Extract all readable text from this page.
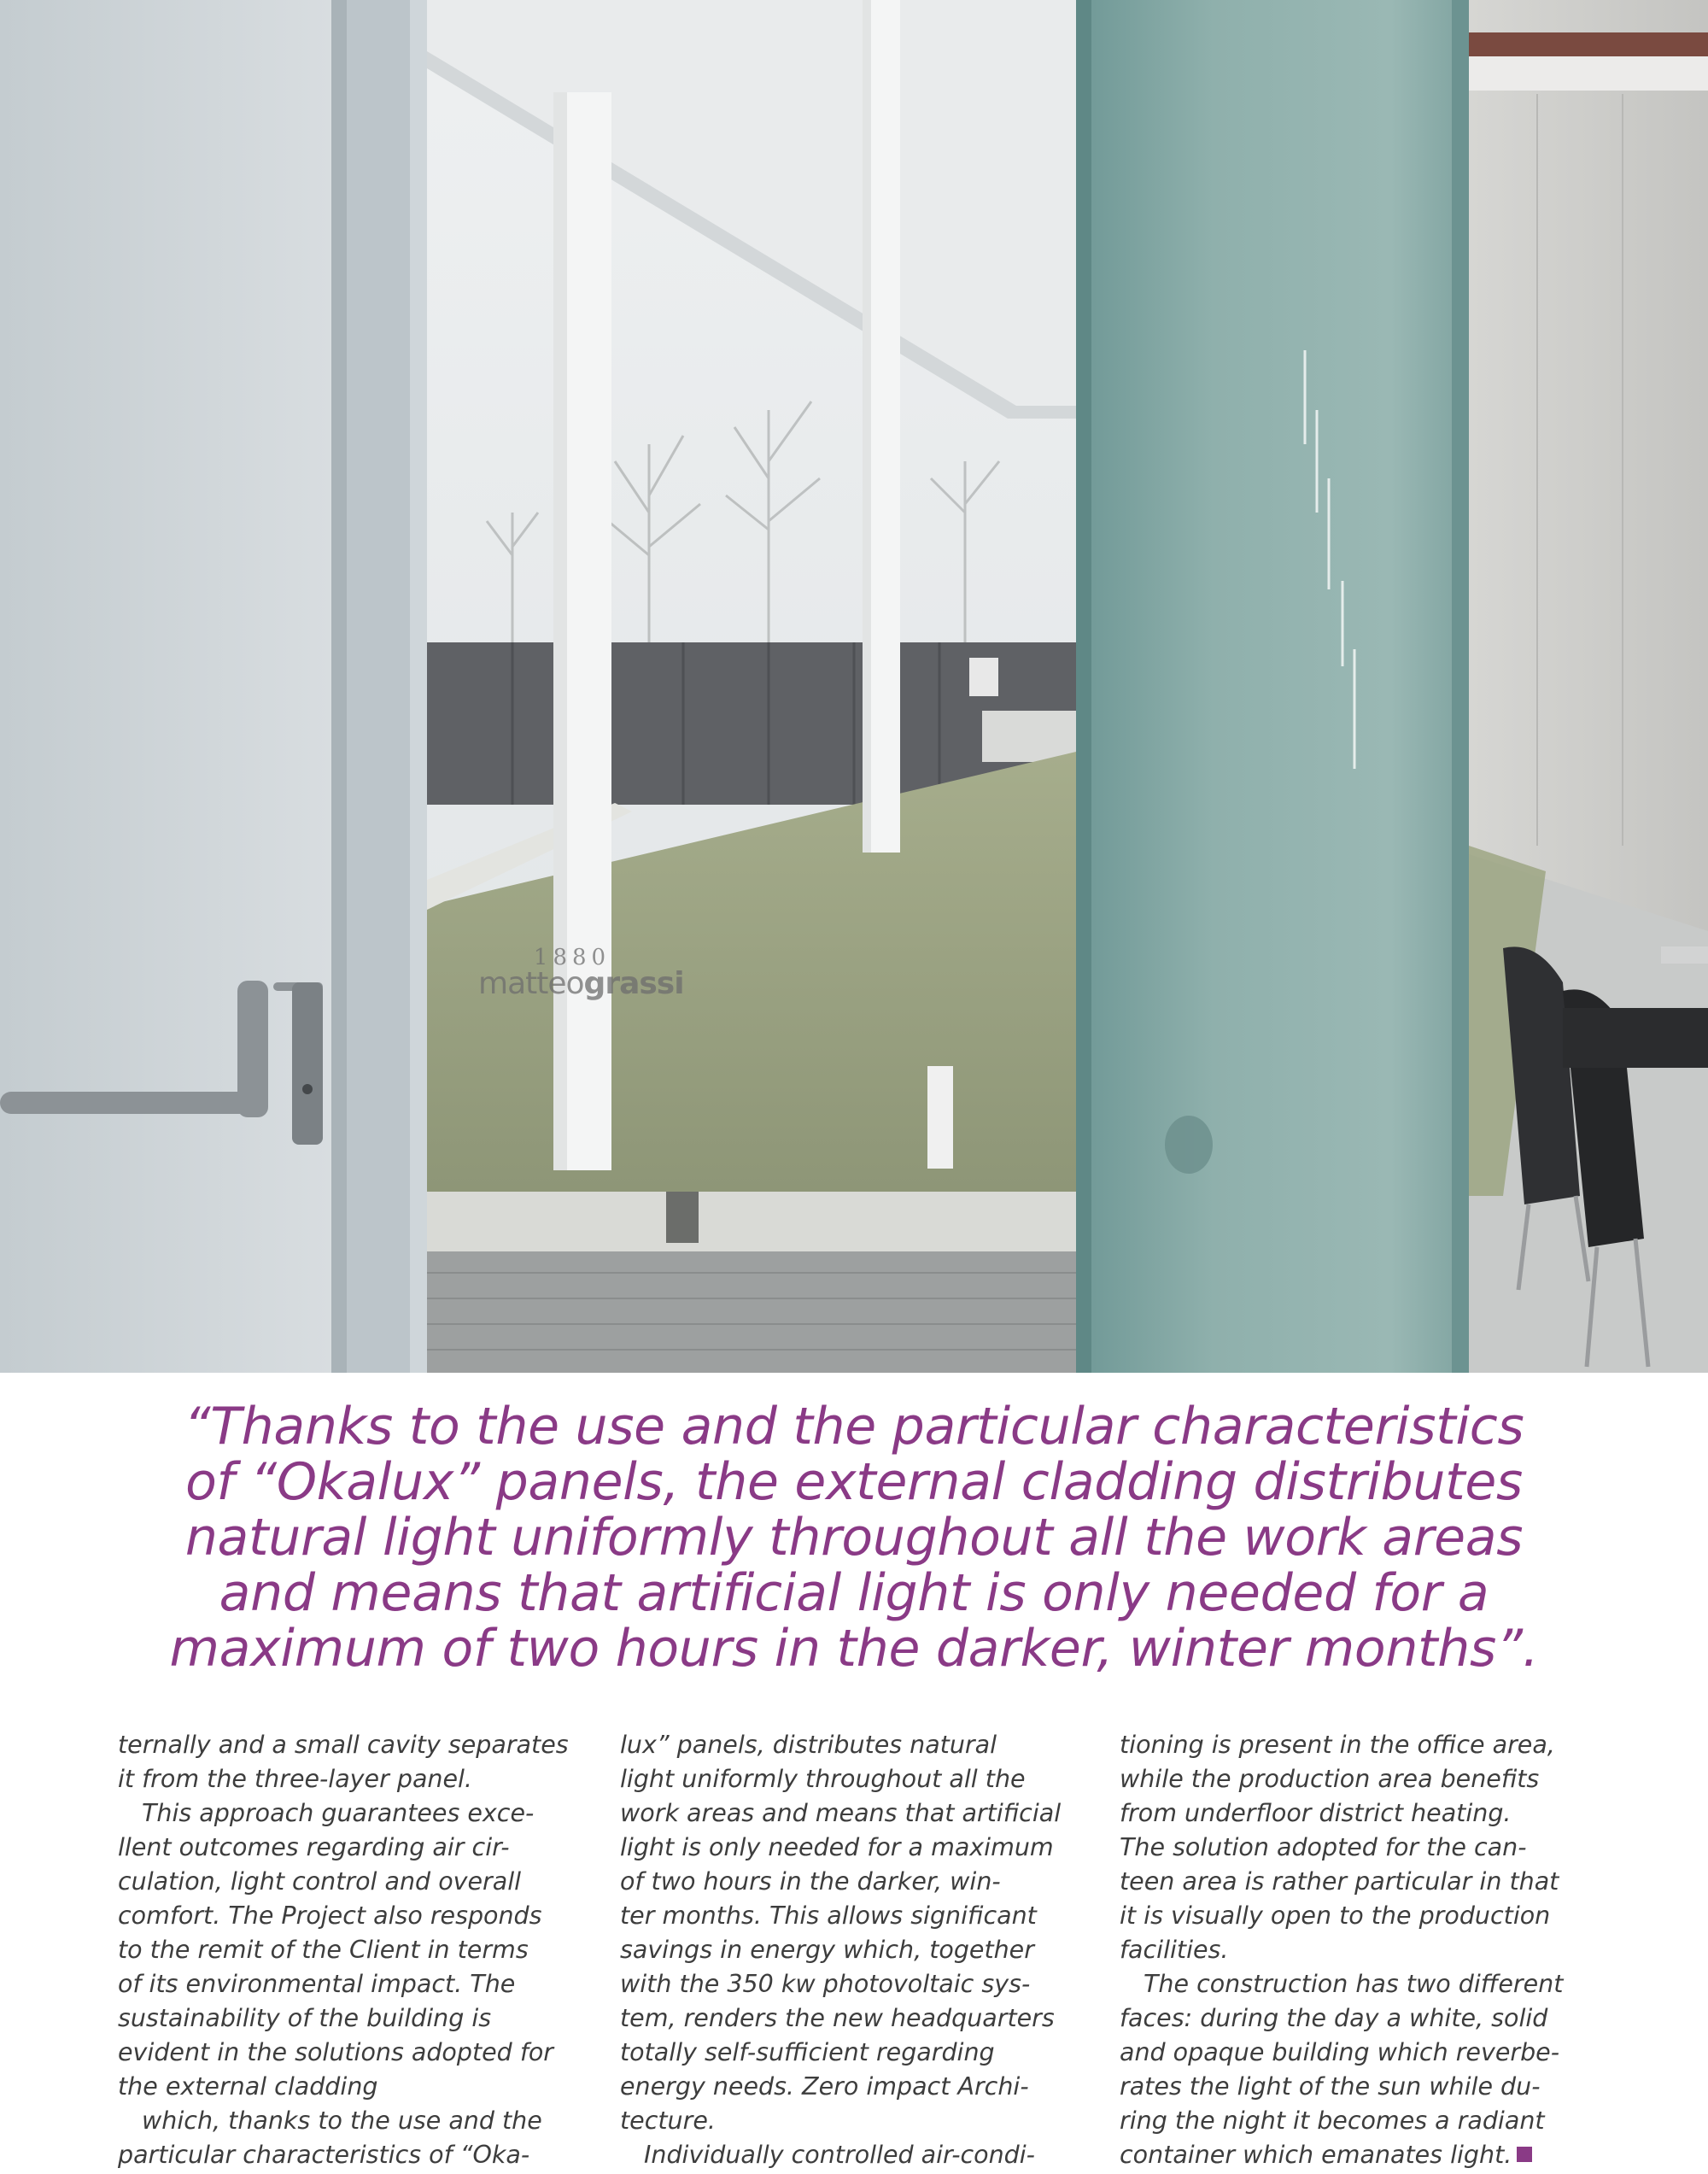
1880
matteograssi
“Thanks to the use and the particular characteristics
of “Okalux” panels, the external cladding distributes
natural light uniformly throughout all the work areas
and means that artificial light is only needed for a
maximum of two hours in the darker, winter months”.
ternally and a small cavity separates
it from the three-layer panel.
This approach guarantees exce-
llent outcomes regarding air cir-
culation, light control and overall
comfort. The Project also responds
to the remit of the Client in terms
of its environmental impact. The
sustainability of the building is
evident in the solutions adopted for
the external cladding
which, thanks to the use and the
particular characteristics of “Oka-
lux” panels, distributes natural
light uniformly throughout all the
work areas and means that artificial
light is only needed for a maximum
of two hours in the darker, win-
ter months. This allows significant
savings in energy which, together
with the 350 kw photovoltaic sys-
tem, renders the new headquarters
totally self-sufficient regarding
energy needs. Zero impact Archi-
tecture.
Individually controlled air-condi-
tioning is present in the office area,
while the production area benefits
from underfloor district heating.
The solution adopted for the can-
teen area is rather particular in that
it is visually open to the production
facilities.
The construction has two different
faces: during the day a white, solid
and opaque building which reverbe-
rates the light of the sun while du-
ring the night it becomes a radiant
container which emanates light.
